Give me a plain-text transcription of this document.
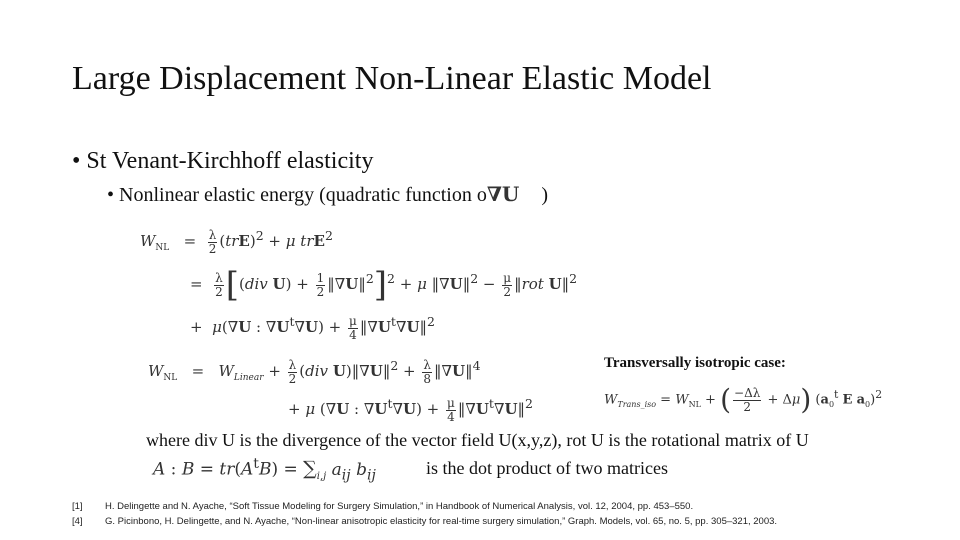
Large Displacement Non-Linear Elastic Model
• St Venant-Kirchhoff elasticity
• Nonlinear elastic energy (quadratic function o∇U )
$W_{NL} = \frac{\lambda}{2} (trE)^2 + \mu$ trE$^2$
= $\frac{\lambda}{2} [(div$ $U) + \frac{1}{2}$ ‖∇U‖$^2$]$^2$ + μ ‖∇U‖$^2$ − $\frac{\mu}{2}$ ‖rot U‖$^2$
+  μ(∇U : $\nabla U^t\nabla U) + \frac{\mu}{4}$ $‖\nabla U^t\nabla U‖^2$
$W_{NL} = W_{Linear} + \frac{\lambda}{2} (div$ U)‖∇U‖$^2$ + $\frac{\lambda}{8}$ ‖∇U‖$^4$
+ μ (∇U : $\nabla U^t\nabla U) + \frac{\mu}{4}$ $‖\nabla U^t\nabla U‖^2$
Transversally isotropic case:
$W_{Trans\_iso} = W_{NL}$ + ( $\frac{-\Delta\lambda}{2} + \Delta\mu$) ($a_0^t$ E $a_0)^2$
where div U is the divergence of the vector field U(x,y,z), rot U is the rotational matrix of U
A : $B = tr(A^tB) = \sum_{i,j}$ $a_{ij}$ $b_{ij}$	is the dot product of two matrices
[1] H. Delingette and N. Ayache, “Soft Tissue Modeling for Surgery Simulation,” in Handbook of Numerical Analysis, vol. 12, 2004, pp. 453–550.
[4] G. Picinbono, H. Delingette, and N. Ayache, “Non-linear anisotropic elasticity for real-time surgery simulation,” Graph. Models, vol. 65, no. 5, pp. 305–321, 2003.
